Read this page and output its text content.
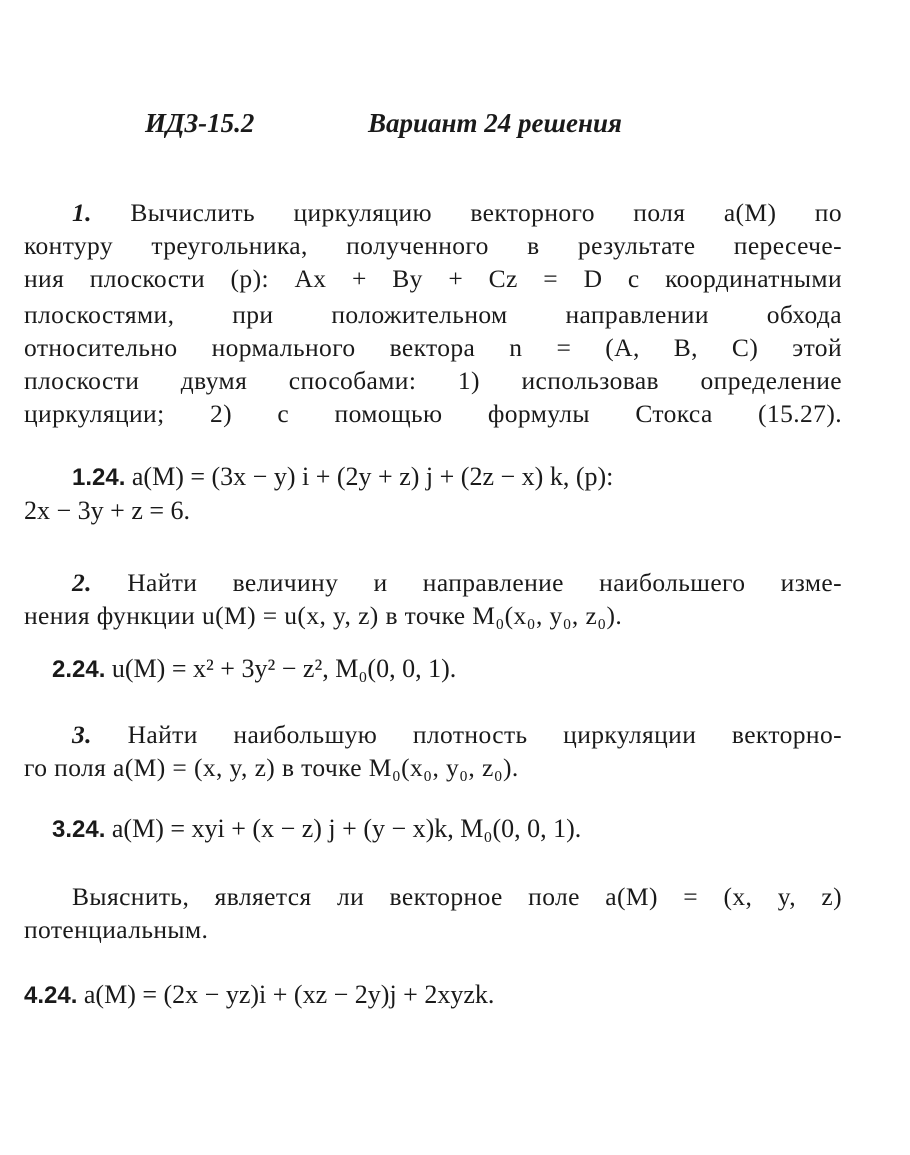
ИДЗ-15.2	Вариант 24 решения
1. Вычислить циркуляцию векторного поля a(M) по
контуру треугольника, полученного в результате пересече-
ния плоскости (p): Ax + By + Cz = D с координатными
плоскостями, при положительном направлении обхода
относительно нормального вектора n = (A, B, C) этой
плоскости двумя способами: 1) использовав определение
циркуляции; 2) с помощью формулы Стокса (15.27).
1.24. a(M) = (3x − y) i + (2y + z) j + (2z − x) k, (p):
2x − 3y + z = 6.
2. Найти величину и направление наибольшего изме-
нения функции u(M) = u(x, y, z) в точке M₀(x₀, y₀, z₀).
2.24. u(M) = x² + 3y² − z², M₀(0, 0, 1).
3. Найти наибольшую плотность циркуляции векторно-
го поля a(M) = (x, y, z) в точке M₀(x₀, y₀, z₀).
3.24. a(M) = xyi + (x − z) j + (y − x)k, M₀(0, 0, 1).
Выяснить, является ли векторное поле a(M) = (x, y, z)
потенциальным.
4.24. a(M) = (2x − yz)i + (xz − 2y)j + 2xyzk.
